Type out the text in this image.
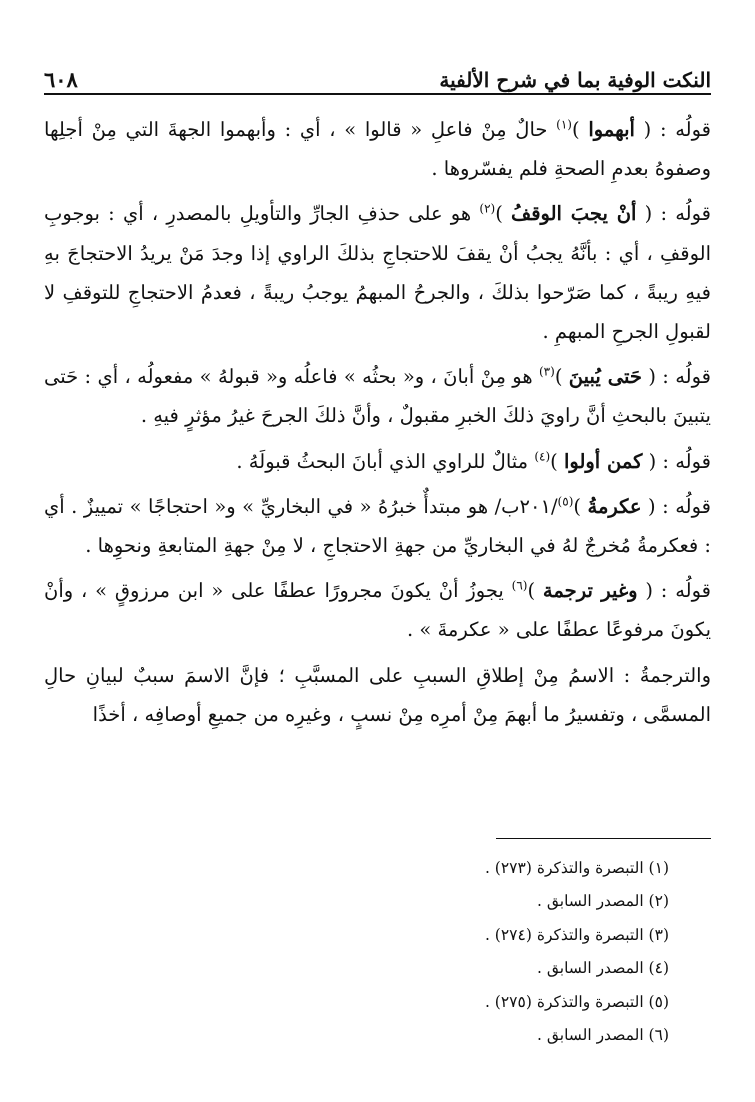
النكت الوفية بما في شرح الألفية
٦٠٨

قولُه : ( أبهموا )$^{(١)}$ حالٌ مِنْ فاعلِ « قالوا » ، أي : وأبهموا الجهةَ التي مِنْ أجلِها وصفوهُ بعدمِ الصحةِ فلم يفسّروها .

قولُه : ( أنْ يجبَ الوقفُ )$^{(٢)}$ هو على حذفِ الجارِّ والتأويلِ بالمصدرِ ، أي : بوجوبِ الوقفِ ، أي : بأنَّهُ يجبُ أنْ يقفَ للاحتجاجِ بذلكَ الراوي إذا وجدَ مَنْ يريدُ الاحتجاجَ بهِ فيهِ ريبةً ، كما صَرّحوا بذلكَ ، والجرحُ المبهمُ يوجبُ ريبةً ، فعدمُ الاحتجاجِ للتوقفِ لا لقبولِ الجرحِ المبهمِ .

قولُه : ( حَتى يُبينَ )$^{(٣)}$ هو مِنْ أبانَ ، و« بحثُه » فاعلُه و« قبولهُ » مفعولُه ، أي : حَتى يتبينَ بالبحثِ أنَّ راويَ ذلكَ الخبرِ مقبولٌ ، وأنَّ ذلكَ الجرحَ غيرُ مؤثرٍ فيهِ .

قولُه : ( كمن أولوا )$^{(٤)}$ مثالٌ للراوي الذي أبانَ البحثُ قبولَهُ .

قولُه : ( عكرمةُ )$^{(٥)}$/٢٠١ب/ هو مبتدأٌ خبرُهُ « في البخاريِّ » و« احتجاجًا » تمييزٌ . أي : فعكرمةُ مُخرجٌ لهُ في البخاريِّ من جهةِ الاحتجاجِ ، لا مِنْ جهةِ المتابعةِ ونحوِها .

قولُه : ( وغير ترجمة )$^{(٦)}$ يجوزُ أنْ يكونَ مجرورًا عطفًا على « ابن مرزوقٍ » ، وأنْ يكونَ مرفوعًا عطفًا على « عكرمةَ » .

والترجمةُ : الاسمُ مِنْ إطلاقِ السببِ على المسبَّبِ ؛ فإنَّ الاسمَ سببٌ لبيانِ حالِ المسمَّى ، وتفسيرُ ما أبهمَ مِنْ أمرِه مِنْ نسبٍ ، وغيرِه من جميعِ أوصافِه ، أخذًا

(١) التبصرة والتذكرة (٢٧٣) .

(٢) المصدر السابق .

(٣) التبصرة والتذكرة (٢٧٤) .

(٤) المصدر السابق .

(٥) التبصرة والتذكرة (٢٧٥) .

(٦) المصدر السابق .
